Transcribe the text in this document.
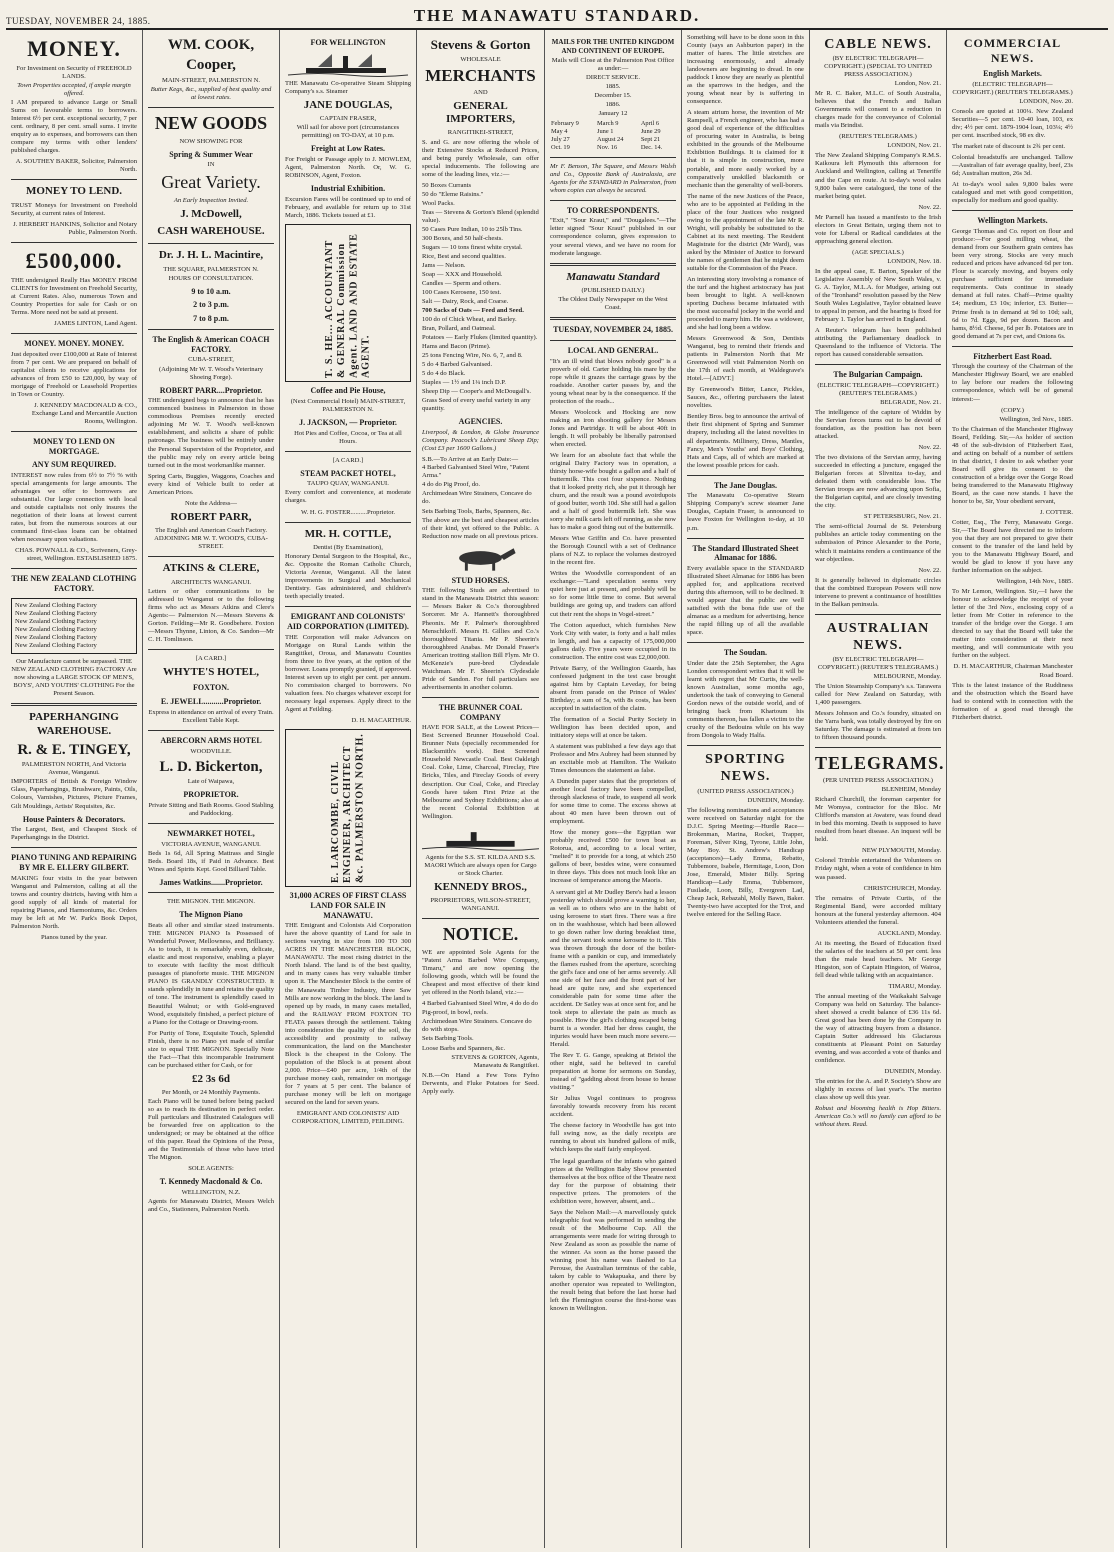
TUESDAY, NOVEMBER 24, 1885.	THE MANAWATU STANDARD.
MONEY.
For Investment on Security of FREEHOLD LANDS.
Town Properties accepted, if ample margin offered.

I AM prepared to advance Large or Small Sums on favourable terms to borrowers. Interest 6½ per cent. exceptional security, 7 per cent. ordinary, 8 per cent. small sums. I invite enquiry as to expenses, and borrowers can then compare my terms with other lenders' published charges.

A. SOUTHEY BAKER, Solicitor, Palmerston North.
MONEY TO LEND.

TRUST Moneys for Investment on Freehold Security, at current rates of Interest.

J. HERBERT HANKINS, Solicitor and Notary Public, Palmerston North.
£500,000.

THE undersigned Really Has MONEY FROM CLIENTS for Investment on Freehold Security, at Current Rates. Also, numerous Town and Country Properties for sale for Cash or on Terms. More need not be said at present.

JAMES LINTON, Land Agent.
MONEY. MONEY. MONEY.

Just deposited over £100,000 at Rate of Interest from 7 per cent. We are prepared on behalf of capitalist clients to receive applications for advances of from £50 to £20,000, by way of mortgage of Freehold or Leasehold Properties in Town or Country.

J. KENNEDY MACDONALD & CO., Exchange Land and Mercantile Auction Rooms, Wellington.
MONEY TO LEND ON MORTGAGE.
ANY SUM REQUIRED.

INTEREST now rules from 6½ to 7½ % with special arrangements for large amounts. The advantages we offer to borrowers are substantial. Our large connection with local and outside capitalists not only insures the negotiation of their loans at lowest current rates, but from the numerous sources at our command first-class loans can be obtained when necessary upon valuations.

CHAS. POWNALL & CO., Scriveners, Grey-street, Wellington. ESTABLISHED 1875.
THE NEW ZEALAND CLOTHING FACTORY.
New Zealand Clothing Factory
New Zealand Clothing Factory
New Zealand Clothing Factory
New Zealand Clothing Factory
New Zealand Clothing Factory
New Zealand Clothing Factory

Our Manufacture cannot be surpassed. THE NEW ZEALAND CLOTHING FACTORY Are now showing a LARGE STOCK OF MEN'S, BOYS', AND YOUTHS' CLOTHING For the Present Season.

PAPERHANGING WAREHOUSE.
R. & E. TINGEY,
PALMERSTON NORTH, And Victoria Avenue, Wanganui.

IMPORTERS of British & Foreign Window Glass, Paperhangings, Brushware, Paints, Oils, Colours, Varnishes, Pictures, Picture Frames, Gilt Mouldings, Artists' Requisites, &c.

House Painters & Decorators.

The Largest, Best, and Cheapest Stock of Paperhangings in the District.

PIANO TUNING AND REPAIRING BY MR E. ELLERY GILBERT.

MAKING four visits in the year between Wanganui and Palmerston, calling at all the towns and country districts, having with him a good supply of all kinds of material for repairing Pianos, and Harmoniums, &c. Orders may be left at Mr W. Park's Book Depot, Palmerston North.

Pianos tuned by the year.
WM. COOK,
Cooper,
MAIN-STREET, PALMERSTON N.
Butter Kegs, &c., supplied of best quality and at lowest rates.
NEW GOODS
NOW SHOWING FOR
Spring & Summer Wear
IN
Great Variety.
An Early Inspection Invited.
J. McDowell,
CASH WAREHOUSE.
Dr. J. H. L. Macintire,
THE SQUARE, PALMERSTON N.
HOURS OF CONSULTATION.
9 to 10 a.m.
2 to 3 p.m.
7 to 8 p.m.
The English & American COACH FACTORY.
CUBA-STREET,
(Adjoining Mr W. T. Wood's Veterinary Shoeing Forge).
ROBERT PARR....Proprietor.

THE undersigned begs to announce that he has commenced business in Palmerston in those commodious Premises recently erected adjoining Mr W. T. Wood's well-known establishment, and solicits a share of public patronage. The business will be entirely under the Personal Supervision of the Proprietor, and the public may rely on every article being turned out in the most workmanlike manner.

Spring Carts, Buggies, Waggons, Coaches and every kind of Vehicle built to order at American Prices.

Note the Address—
ROBERT PARR,
The English and American Coach Factory. ADJOINING MR W. T. WOOD'S, CUBA-STREET.
ATKINS & CLERE,
ARCHITECTS WANGANUI.

Letters or other communications to be addressed to Wanganui or to the following firms who act as Messrs Atkins and Clere's Agents:— Palmerston N.—Messrs Stevens & Gorton. Feilding—Mr R. Goodbehere. Foxton—Messrs Thynne, Linton, & Co. Sandon—Mr C. H. Tomlinson.

[A CARD.]
WHYTE'S HOTEL,
FOXTON.
E. JEWELL..........Proprietor.

Express in attendance on arrival of every Train. Excellent Table Kept.

ABERCORN ARMS HOTEL
WOODVILLE.
L. D. Bickerton,
Late of Waipawa,
PROPRIETOR.

Private Sitting and Bath Rooms. Good Stabling and Paddocking.

NEWMARKET HOTEL,
VICTORIA AVENUE, WANGANUI.

Beds 1s 6d, All Spring Mattrass and Single Beds. Board 18s, if Paid in Advance. Best Wines and Spirits Kept. Good Billiard Table.

James Watkins.......Proprietor.
THE MIGNON. THE MIGNON.
The Mignon Piano

Beats all other and similar sized instruments. THE MIGNON PIANO Is Possessed of Wonderful Power, Mellowness, and Brilliancy. As to touch, it is remarkably even, delicate, elastic and most responsive, enabling a player to execute with facility the most difficult passages of pianoforte music. THE MIGNON PIANO IS GRANDLY CONSTRUCTED. It stands splendidly in tune and retains the quality of tone. The instrument is splendidly cased in Beautiful Walnut; or with Gold-engraved Wood, exquisitely finished, a perfect picture of a Piano for the Cottage or Drawing-room.

For Purity of Tone, Exquisite Touch, Splendid Finish, there is no Piano yet made of similar size to equal THE MIGNON. Specially Note the Fact—That this incomparable Instrument can be purchased either for Cash, or for

£2 3s 6d
Per Month, or 24 Monthly Payments.

Each Piano will be tuned before being packed so as to reach its destination in perfect order. Full particulars and Illustrated Catalogues will be forwarded free on application to the undersigned; or may be obtained at the office of this paper. Read the Opinions of the Press, and the Testimonials of those who have tried The Mignon.

SOLE AGENTS:
T. Kennedy Macdonald & Co.
WELLINGTON, N.Z.

Agents for Manawatu District, Messrs Welch and Co., Stationers, Palmerston North.

FOR WELLINGTON

THE Manawatu Co-operative Steam Shipping Company's s.s. Steamer

JANE DOUGLAS,
CAPTAIN FRASER,

Will sail for above port (circumstances permitting) on TO-DAY, at 10 p.m.

Freight at Low Rates.

For Freight or Passage apply to J. MOWLEM, Agent, Palmerston North. Or, W. G. ROBINSON, Agent, Foxton.

Industrial Exhibition.

Excursion Fares will be continued up to end of February, and available for return up to 31st March, 1886. Tickets issued at £1.

T. S. HE... ACCOUNTANT & GENERAL Commission Agent. LAND AND ESTATE AGENT.
Coffee and Pie House,
(Next Commercial Hotel) MAIN-STREET, PALMERSTON N.
J. JACKSON, — Proprietor.

Hot Pies and Coffee, Cocoa, or Tea at all Hours.

[A CARD.]
STEAM PACKET HOTEL,
TAUPO QUAY, WANGANUI.

Every comfort and convenience, at moderate charges.

W. H. G. FOSTER..........Proprietor.
MR. H. COTTLE,
Dentist (By Examination),

Honorary Dental Surgeon to the Hospital, &c., &c. Opposite the Roman Catholic Church, Victoria Avenue, Wanganui. All the latest improvements in Surgical and Mechanical Dentistry. Gas administered, and children's teeth specially treated.

EMIGRANT AND COLONISTS' AID CORPORATION (LIMITED).

THE Corporation will make Advances on Mortgage on Rural Lands within the Rangitikei, Oroua, and Manawatu Counties from three to five years, at the option of the borrower. Loans promptly granted, if approved. Interest seven up to eight per cent. per annum. No commission charged to borrowers. No valuation fees. No charges whatever except for necessary legal expenses. Apply direct to the Agent at Feilding.

D. H. MACARTHUR.
E. LARCOMBE, CIVIL ENGINEER, ARCHITECT &c. PALMERSTON NORTH.
31,000 ACRES OF FIRST CLASS LAND FOR SALE IN MANAWATU.

THE Emigrant and Colonists Aid Corporation have the above quantity of Land for sale in sections varying in size from 100 TO 300 ACRES IN THE MANCHESTER BLOCK, MANAWATU. The most rising district in the North Island. The land is of the best quality, and in many cases has very valuable timber upon it. The Manchester Block is the centre of the Manawatu Timber Industry, three Saw Mills are now working in the block. The land is opened up by roads, in many cases metalled, and the RAILWAY FROM FOXTON TO FEATA passes through the settlement. Taking into consideration the quality of the soil, the accessibility and proximity to railway communication, the land on the Manchester Block is the cheapest in the Colony. The population of the Block is at present about 2,000. Price—£40 per acre, 1/4th of the purchase money cash, remainder on mortgage for 7 years at 5 per cent. The balance of purchase money will be left on mortgage secured on the land for seven years.

EMIGRANT AND COLONISTS' AID CORPORATION, LIMITED, FEILDING.
Stevens & Gorton
WHOLESALE
MERCHANTS
AND
GENERAL IMPORTERS,
RANGITIKEI-STREET,

S. and G. are now offering the whole of their Extensive Stocks at Reduced Prices, and being purely Wholesale, can offer special inducements. The following are some of the leading lines, viz.:—

50 Boxes Currants
50 do "Eleme Raisins."
Wool Packs.
Teas — Stevens & Gorton's Blend (splendid value).
50 Cases Pure Indian, 10 to 25lb Tins.
300 Boxes, and 50 half-chests.
Sugars — 10 tons finest white crystal.
Rice, Best and second qualities.
Jams — Nelson.
Soap — XXX and Household.
Candles — Sperm and others.
100 Cases Kerosene, 150 test.
Salt — Dairy, Rock, and Coarse.
700 Sacks of Oats — Feed and Seed.
100 do of Chick Wheat, and Barley.
Bran, Pollard, and Oatmeal.
Potatoes — Early Flukes (limited quantity).
Hams and Bacon (Prime).
25 tons Fencing Wire, No. 6, 7, and 8.
5 do 4 Barbed Galvanised.
5 do 4 do Black.
Staples — 1½ and 1¼ inch D.P.
Sheep Dip — Cooper's and McDougall's.
Grass Seed of every useful variety in any quantity.
AGENCIES.

Liverpool, & London, & Globe Insurance Company. Peacock's Lubricant Sheep Dip; (Cost £3 per 1600 Gallons.)

S.B.—To Arrive at an Early Date:—
4 Barbed Galvanised Steel Wire, "Patent Arma."
4 do do Pig Proof, do.
Archimedean Wire Strainers, Concave do do.
Sets Barbing Tools, Barbs, Spanners, &c.

The above are the best and cheapest articles of their kind, yet offered to the Public. A Reduction now made on all previous prices.

STUD HORSES.

THE following Studs are advertised to stand in the Manawatu District this season:— Messrs Baker & Co.'s thoroughbred Sorcerer. Mr A. Hannett's thoroughbred Pheonix. Mr F. Palmer's thoroughbred Menschikoff. Messrs H. Gillies and Co.'s thoroughbred Titania. Mr P. Sheerin's thoroughbred Anabas. Mr Donald Fraser's American trotting stallion Bill Flym. Mr O. McKenzie's pure-bred Clydesdale Watchman. Mr F. Sheerin's Clydesdale Pride of Sandon. For full particulars see advertisements in another column.

THE BRUNNER COAL COMPANY

HAVE FOR SALE, at the Lowest Prices—Best Screened Brunner Household Coal. Brunner Nuts (specially recommended for Blacksmith's work). Best Screened Household Newcastle Coal. Best Oakleigh Coal. Coke, Lime, Charcoal, Fireclay, Fire Bricks, Tiles, and Fireclay Goods of every description. Our Coal, Coke, and Fireclay Goods have taken First Prize at the Melbourne and Sydney Exhibitions; also at the recent Colonial Exhibition at Wellington.

Agents for the S.S. ST. KILDA AND S.S. MAORI Which are always open for Cargo or Stock Charter.

KENNEDY BROS.,
PROPRIETORS, WILSON-STREET, WANGANUI.
NOTICE.

WE are appointed Sole Agents for the "Patent Arma Barbed Wire Company, Timaru," and are now opening the following goods, which will be found the Cheapest and most effective of their kind yet offered in the North Island, viz.:—

4 Barbed Galvanised Steel Wire, 4 do do do
Pig-proof, in bowl, reels.
Archimedean Wire Strainers. Concave do do with stops.
Sets Barbing Tools.
Loose Barbs and Spanners, &c.
STEVENS & GORTON, Agents, Manawatu & Rangitikei.

N.B.—On Hand a Few Tons Fyfno Derwents, and Fluke Potatoes for Seed. Apply early.

MAILS FOR THE UNITED KINGDOM AND CONTINENT OF EUROPE.

Mails will Close at the Palmerston Post Office as under:—

DIRECT SERVICE.
1885.
December 15.
1886.
January 12
February 9	March 9	April 6
May 4	June 1	June 29
July 27	August 24	Sept 21
Oct. 19	Nov. 16	Dec. 14.

Mr F. Benson, The Square, and Messrs Walsh and Co., Opposite Bank of Australasia, are Agents for the STANDARD in Palmerston, from whom copies can always be secured.

TO CORRESPONDENTS.

"Exit," "Sour Kraut," and "Dougalees."—The letter signed "Sour Kraut" published in our correspondence column, gives expression to your several views, and we have no room for moderate language.

Manawatu Standard
(PUBLISHED DAILY.)
The Oldest Daily Newspaper on the West Coast.
TUESDAY, NOVEMBER 24, 1885.
LOCAL AND GENERAL.

"It's an ill wind that blows nobody good" is a proverb of old. Carter holding his mare by the rope while it grazes the carriage grass by the roadside. Another carter passes by, and the young wheat near by is the consequence. If the protection of the roads...

Messrs Woolcock and Hocking are now making an iron shooting gallery for Messrs Jones and Partridge. It will be about 40ft in length. It will probably be liberally patronised when erected.

We learn for an absolute fact that while the original Dairy Factory was in operation, a thirsty horse-wife bought a gallon and a half of buttermilk. This cost four sixpence. Nothing that it looked pretty rich, she put it through her churn, and the result was a pound avoirdupois of good butter, worth 10d. She still had a gallon and a half of good buttermilk left. She was sorry she milk carts left off running, as she now has to make a good thing out of the buttermilk.

Messrs Wise Griffin and Co. have presented the Borough Council with a set of Ordinance plans of N.Z. to replace the volumes destroyed in the recent fire.

Writes the Woodville correspondent of an exchange:—"Land speculation seems very quiet here just at present, and probably will be so for some little time to come. But several buildings are going up, and traders can afford cut their rent the shops in Vogel-street."

The Cotton aqueduct, which furnishes New York City with water, is forty and a half miles in length, and has a capacity of 175,000,000 gallons daily. Five years were occupied in its construction. The entire cost was £2,000,000.

Private Barry, of the Wellington Guards, has confessed judgment in the test case brought against him by Captain Leveday, for being absent from parade on the Prince of Wales' Birthday; a sum of 5s, with 8s costs, has been accepted in satisfaction of the claim.

The formation of a Social Purity Society in Wellington has been decided upon, and initiatory steps will at once be taken.

A statement was published a few days ago that Professor and Mrs Aubrey had been stunned by an excitable mob at Hamilton. The Waikato Times denounces the statement as false.

A Dunedin paper states that the proprietors of another local factory have been compelled, through slackness of trade, to suspend all work for some time to come. The excess shows at about 40 men have been thrown out of employment.

How the money goes—the Egyptian war probably received £500 for town boat as Rotorua, and, according to a local writer, "melted" it to provide for a tong, at which 250 gallons of beer, besides wine, were consumed in three days. This does not much look like an increase of temperance among the Maoris.

A servant girl at Mr Dudley Bere's had a lesson yesterday which should prove a warning to her, as well as to others who are in the habit of using kerosene to start fires. There was a fire on in the washhouse, which had been allowed to go down rather low during breakfast time, and the servant took some kerosene to it. This was thrown through the door of the boiler-frame with a panikin or cup, and immediately the flames rushed from the aperture, scorching the girl's face and one of her arms severely. All one side of her face and the front part of her head are quite raw, and she experienced considerable pain for some time after the accident. Dr Satley was at once sent for, and he took steps to alleviate the pain as much as possible. How the girl's clothing escaped being burnt is a wonder. Had her dress caught, the injuries would have been much more severe.—Herald.

The Rev T. G. Gange, speaking at Bristol the other night, said he believed in careful preparation at home for sermons on Sunday, instead of "gadding about from house to house visiting."

Sir Julius Vogel continues to progress favorably towards recovery from his recent accident.

The cheese factory in Woodville has got into full swing now, as the daily receipts are running to about six hundred gallons of milk, which keeps the staff fairly employed.

The legal guardians of the infants who gained prizes at the Wellington Baby Show presented themselves at the box office of the Theatre next day for the purpose of obtaining their respective prizes. The promoters of the exhibition were, however, absent, and...

Says the Nelson Mail:—A marvellously quick telegraphic feat was performed in sending the result of the Melbourne Cup. All the arrangements were made for wiring through to New Zealand as soon as possible the name of the winner. As soon as the horse passed the winning post his name was flashed to La Perouse, the Australian terminus of the cable, taken by cable to Wakapuaka, and there by another operator was repeated to Wellington, the result being that before the last horse had left the Flemington course the first-horse was known in Wellington.

Something will have to be done soon in this County (says an Ashburton paper) in the matter of hares. The little stretches are increasing enormously, and already landowners are beginning to dread. In one paddock I know they are nearly as plentiful as the sparrows in the hedges, and the young wheat near by is suffering in consequence.

A steam atrium horse, the invention of Mr Rampsell, a French engineer, who has had a good deal of experience of the difficulties of procuring water in Australia, is being exhibited in the grounds of the Melbourne Exhibition Buildings. It is claimed for it that it is simple in construction, more portable, and more easily worked by a comparatively unskilled blacksmith or mechanic than the generality of well-borers.

The name of the new Justices of the Peace, who are to be appointed at Feilding in the place of the four Justices who resigned owing to the appointment of the late Mr R. Wright, will probably be substituted to the Cabinet at its next meeting. The Resident Magistrate for the district (Mr Ward), was asked by the Minister of Justice to forward the names of gentlemen that he might deem suitable for the Commission of the Peace.

An interesting story involving a romance of the turf and the highest aristocracy has just been brought to light. A well-known sporting Duchess became infatuated with the most successful jockey in the world and proceeded to marry him. He was a widower, and she had long been a widow.

Messrs Greenwood & Son, Dentists Wanganui, beg to remind their friends and patients in Palmerston North that Mr Greenwood will visit Palmerston North on the 17th of each month, at Waldegrave's Hotel.—[ADVT.]

By Greenwood's Bitter, Lance, Pickles, Sauces, &c., offering purchasers the latest novelties.

Bentley Bros. beg to announce the arrival of their first shipment of Spring and Summer drapery, including all the latest novelties in all departments. Millinery, Dress, Mantles, Fancy, Men's Youths' and Boys' Clothing, Hats and Caps, all of which are marked at the lowest possible prices for cash.

The Jane Douglas.

The Manawatu Co-operative Steam Shipping Company's screw steamer Jane Douglas, Captain Fraser, is announced to leave Foxton for Wellington to-day, at 10 p.m.

The Standard Illustrated Sheet Almanac for 1886.

Every available space in the STANDARD Illustrated Sheet Almanac for 1886 has been applied for, and applications received during this afternoon, will to be declined. It would appear that the public are well satisfied with the bona fide use of the almanac as a medium for advertising, hence the rapid filling up of all the available space.

The Soudan.

Under date the 25th September, the Agra London correspondent writes that it will be learnt with regret that Mr Curtis, the well-known Australian, some months ago, undertook the task of conveying to General Gordon news of the outside world, and of bringing back from Khartoum his comments thereon, has fallen a victim to the cruelty of the Bedouins while on his way from Dongola to Wady Halfa.

SPORTING NEWS.
(UNITED PRESS ASSOCIATION.)
DUNEDIN, Monday.

The following nominations and acceptances were received on Saturday night for the D.J.C. Spring Meeting:—Hurdle Race—Brokenman, Marina, Rocket, Trapper, Foreman, Silver King, Tyrone, Little John, May Boy. St. Andrew's Handicap (acceptances)—Lady Emma, Rebatto, Tubbemore, Isabele, Hermitage, Loon, Don Jose, Emerald, Mister Billy. Spring Handicap—Lady Emma, Tubbemore, Fusilade, Loon, Billy, Evergreen Lad, Cheap Jack, Rebazahl, Molly Bawn, Baker. Twenty-two have accepted for the Trot, and twelve entered for the Selling Race.

CABLE NEWS.
(BY ELECTRIC TELEGRAPH—COPYRIGHT.) (SPECIAL TO UNITED PRESS ASSOCIATION.)
London, Nov. 21.

Mr R. C. Baker, M.L.C. of South Australia, believes that the French and Italian Governments will consent to a reduction in charges made for the conveyance of Colonial mails via Brindisi.

(REUTER'S TELEGRAMS.)
LONDON, Nov. 21.

The New Zealand Shipping Company's R.M.S. Kaikoura left Plymouth this afternoon for Auckland and Wellington, calling at Teneriffe and the Cape en route. At to-day's wool sales 9,800 bales were catalogued, the tone of the market being quiet.

Nov. 22.

Mr Parnell has issued a manifesto to the Irish electors in Great Britain, urging them not to vote for Liberal or Radical candidates at the approaching general election.

(AGE SPECIALS.)
LONDON, Nov. 18.

In the appeal case, E. Barton, Speaker of the Legislative Assembly of New South Wales, v. G. A. Taylor, M.L.A. for Mudgee, arising out of the "Ironhand" resolution passed by the New South Wales Legislative, Taylor obtained leave to appeal in person, and the hearing is fixed for February 1. Taylor has arrived in England.

A Reuter's telegram has been published attributing the Parliamentary deadlock in Queensland to the influence of Victoria. The report has caused considerable sensation.

The Bulgarian Campaign.
(ELECTRIC TELEGRAPH—COPYRIGHT.) (REUTER'S TELEGRAMS.)
BELGRADE, Nov. 21.

The intelligence of the capture of Widdin by the Servian forces turns out to be devoid of foundation, as the position has not been attacked.

Nov. 22.

The two divisions of the Servian army, having succeeded in effecting a juncture, engaged the Bulgarian forces at Slivnitza to-day, and defeated them with considerable loss. The Servian troops are now advancing upon Sofia, the Bulgarian capital, and are closely investing the city.

ST PETERSBURG, Nov. 21.

The semi-official Journal de St. Petersburg publishes an article today commenting on the submission of Prince Alexander to the Porte, which it maintains renders a continuance of the war objectless.

Nov. 22.

It is generally believed in diplomatic circles that the combined European Powers will now intervene to prevent a continuance of hostilities in the Balkan peninsula.

AUSTRALIAN NEWS.
(BY ELECTRIC TELEGRAPH—COPYRIGHT.) (REUTER'S TELEGRAMS.)
MELBOURNE, Monday.

The Union Steamship Company's s.s. Tarawera called for New Zealand on Saturday, with 1,400 passengers.

Messrs Johnson and Co.'s foundry, situated on the Yarra bank, was totally destroyed by fire on Saturday. The damage is estimated at from ten to fifteen thousand pounds.

TELEGRAMS.
(PER UNITED PRESS ASSOCIATION.)
BLENHEIM, Monday

Richard Churchill, the foreman carpenter for Mr Womyss, contractor for the Bloc. Mr Clifford's mansion at Awatere, was found dead in bed this morning. Death is supposed to have resulted from heart disease. An inquest will be held.

NEW PLYMOUTH, Monday.

Colonel Trimble entertained the Volunteers on Friday night, when a vote of confidence in him was passed.

CHRISTCHURCH, Monday.

The remains of Private Curtis, of the Regimental Band, were accorded military honours at the funeral yesterday afternoon. 404 Volunteers attended the funeral.

AUCKLAND, Monday.

At its meeting, the Board of Education fixed the salaries of the teachers at 50 per cent. less than the male head teachers. Mr George Hingston, son of Captain Hingston, of Wairoa, fell dead while talking with an acquaintance.

TIMARU, Monday.

The annual meeting of the Waikakahi Salvage Company was held on Saturday. The balance-sheet showed a credit balance of £36 11s 6d. Great good has been done by the Company in the way of attracting buyers from a distance. Captain Sutter addressed his Glaciarous constituents at Pleasant Point on Saturday evening, and was accorded a vote of thanks and confidence.

DUNEDIN, Monday.

The entries for the A. and P. Society's Show are slightly in excess of last year's. The merino class show up well this year.

Robust and blooming health is Hop Bitters. American Co.'s will no family can afford to be without them. Read.

COMMERCIAL NEWS.
English Markets.
(ELECTRIC TELEGRAPH—COPYRIGHT.) (REUTER'S TELEGRAMS.)
LONDON, Nov. 20.

Consols are quoted at 100¼. New Zealand Securities—5 per cent. 10-40 loan, 103, ex div; 4½ per cent. 1879-1904 loan, 103¼; 4½ per cent. inscribed stock, 98 ex div.

The market rate of discount is 2¾ per cent.

Colonial breadstuffs are unchanged. Tallow—Australian of fair average quality, beef, 23s 6d; Australian mutton, 26s 3d.

At to-day's wool sales 9,800 bales were catalogued and met with good competition, especially for medium and good quality.

Wellington Markets.

George Thomas and Co. report on flour and produce:—For good milling wheat, the demand from our Southern grain centres has been very strong. Stocks are very much reduced and prices have advanced 6d per ton. Flour is scarcely moving, and buyers only purchase sufficient for immediate requirements. Oats continue in steady demand at full rates. Chaff—Prime quality £4; medium, £3 10s; inferior, £3. Butter—Prime fresh is in demand at 9d to 10d; salt, 6d to 7d. Eggs, 9d per dozen. Bacon and hams, 8½d. Cheese, 6d per lb. Potatoes are in good demand at 7s per cwt, and Onions 6s.

Fitzherbert East Road.

Through the courtesy of the Chairman of the Manchester Highway Board, we are enabled to lay before our readers the following correspondence, which will be of general interest:—

(COPY.)
Wellington, 3rd Nov., 1885.

To the Chairman of the Manchester Highway Board, Feilding. Sir,—As holder of section 48 of the sub-division of Fitzherbert East, and acting on behalf of a number of settlers in that district, I desire to ask whether your Board will give its consent to the construction of a bridge over the Gorge Road being transferred to the Manawatu Highway Board, as the case now stands. I have the honor to be, Sir, Your obedient servant,

J. COTTER.

Cotter, Esq., The Ferry, Manawatu Gorge. Sir,—The Board have directed me to inform you that they are not prepared to give their consent to the transfer of the land held by you to the Manawatu Highway Board, and would be glad to know if you have any further information on the subject.

Wellington, 14th Nov., 1885.

To Mr Lemon, Wellington. Sir,—I have the honour to acknowledge the receipt of your letter of the 3rd Nov., enclosing copy of a letter from Mr Cotter in reference to the transfer of the bridge over the Gorge. I am directed to say that the Board will take the matter into consideration at their next meeting, and will communicate with you further on the subject.

D. H. MACARTHUR, Chairman Manchester Road Board.

This is the latest instance of the Ruddiness and the obstruction which the Board have had to contend with in connection with the formation of a good road through the Fitzherbert district.
